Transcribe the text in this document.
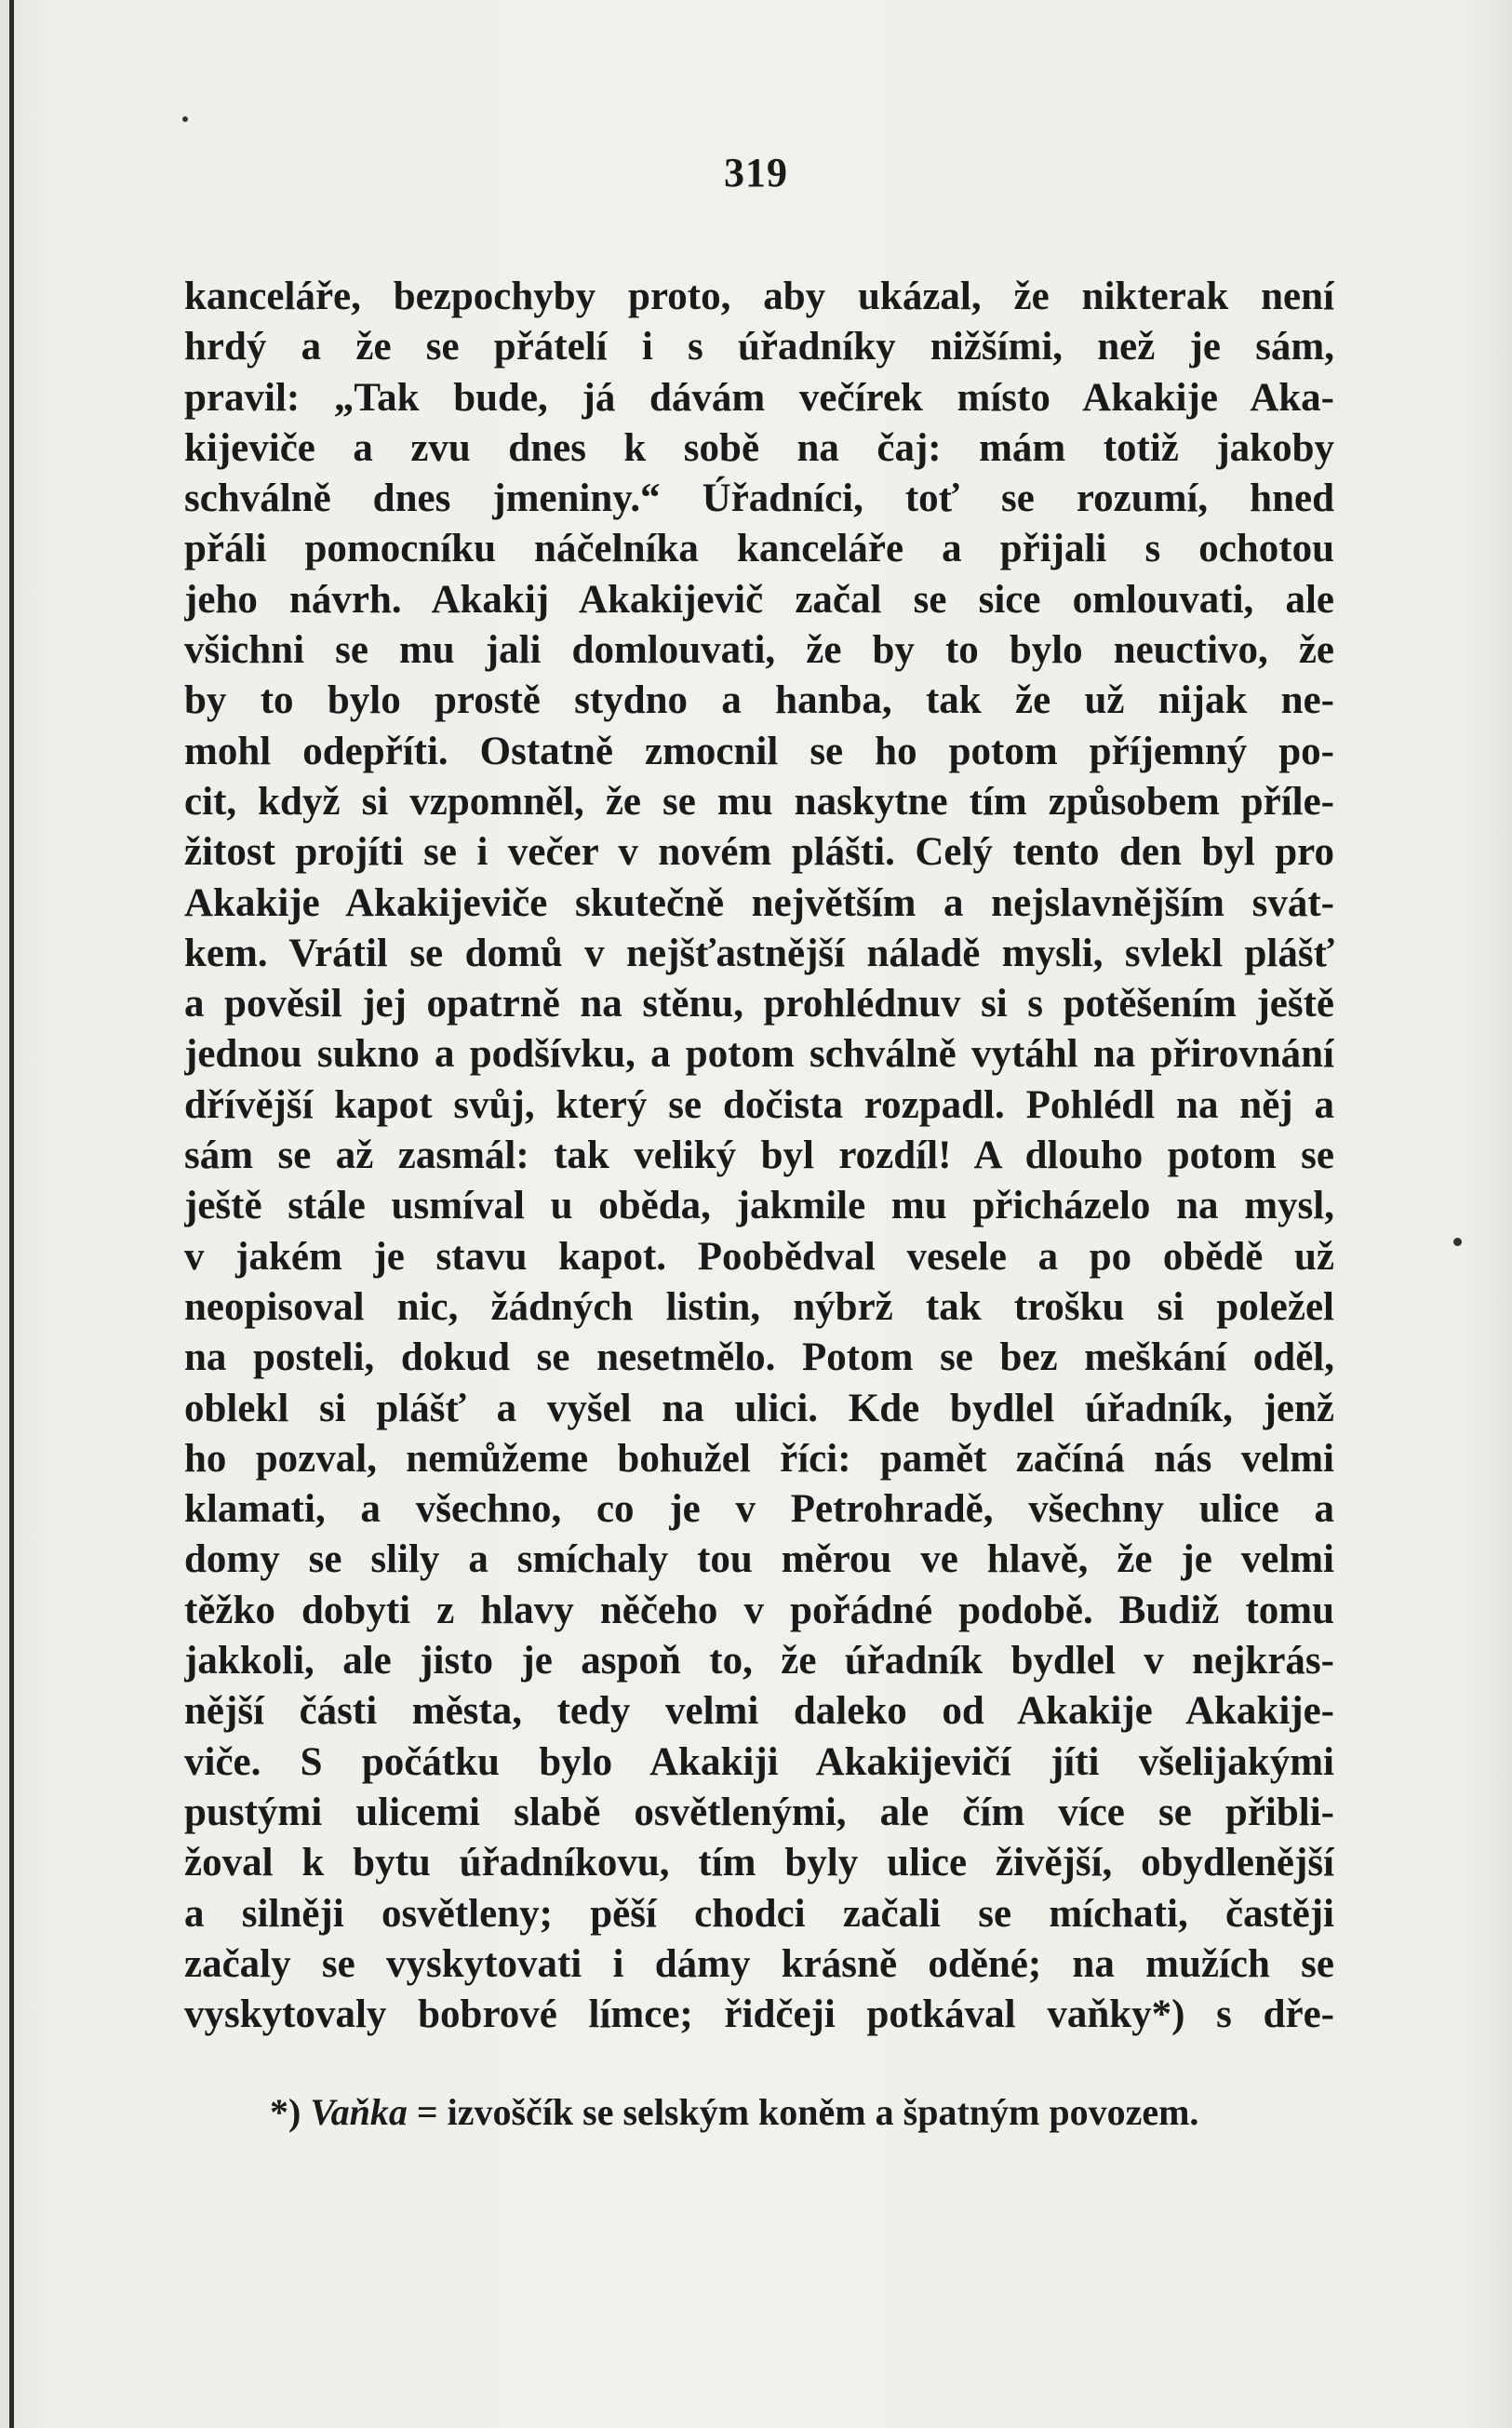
319
kanceláře, bezpochyby proto, aby ukázal, že nikterak není
hrdý a že se přátelí i s úřadníky nižšími, než je sám,
pravil: „Tak bude, já dávám večírek místo Akakije Aka-
kijeviče a zvu dnes k sobě na čaj: mám totiž jakoby
schválně dnes jmeniny.“ Úřadníci, toť se rozumí, hned
přáli pomocníku náčelníka kanceláře a přijali s ochotou
jeho návrh. Akakij Akakijevič začal se sice omlouvati, ale
všichni se mu jali domlouvati, že by to bylo neuctivo, že
by to bylo prostě stydno a hanba, tak že už nijak ne-
mohl odepříti. Ostatně zmocnil se ho potom příjemný po-
cit, když si vzpomněl, že se mu naskytne tím způsobem příle-
žitost projíti se i večer v novém plášti. Celý tento den byl pro
Akakije Akakijeviče skutečně největším a nejslavnějším svát-
kem. Vrátil se domů v nejšťastnější náladě mysli, svlekl plášť
a pověsil jej opatrně na stěnu, prohlédnuv si s potěšením ještě
jednou sukno a podšívku, a potom schválně vytáhl na přirovnání
dřívější kapot svůj, který se dočista rozpadl. Pohlédl na něj a
sám se až zasmál: tak veliký byl rozdíl! A dlouho potom se
ještě stále usmíval u oběda, jakmile mu přicházelo na mysl,
v jakém je stavu kapot. Poobědval vesele a po obědě už
neopisoval nic, žádných listin, nýbrž tak trošku si poležel
na posteli, dokud se nesetmělo. Potom se bez meškání oděl,
oblekl si plášť a vyšel na ulici. Kde bydlel úřadník, jenž
ho pozval, nemůžeme bohužel říci: pamět začíná nás velmi
klamati, a všechno, co je v Petrohradě, všechny ulice a
domy se slily a smíchaly tou měrou ve hlavě, že je velmi
těžko dobyti z hlavy něčeho v pořádné podobě. Budiž tomu
jakkoli, ale jisto je aspoň to, že úřadník bydlel v nejkrás-
nější části města, tedy velmi daleko od Akakije Akakije-
viče. S počátku bylo Akakiji Akakijevičí jíti všelijakými
pustými ulicemi slabě osvětlenými, ale čím více se přibli-
žoval k bytu úřadníkovu, tím byly ulice živější, obydlenější
a silněji osvětleny; pěší chodci začali se míchati, častěji
začaly se vyskytovati i dámy krásně oděné; na mužích se
vyskytovaly bobrové límce; řidčeji potkával vaňky*) s dře-
*) Vaňka = izvoščík se selským koněm a špatným povozem.
